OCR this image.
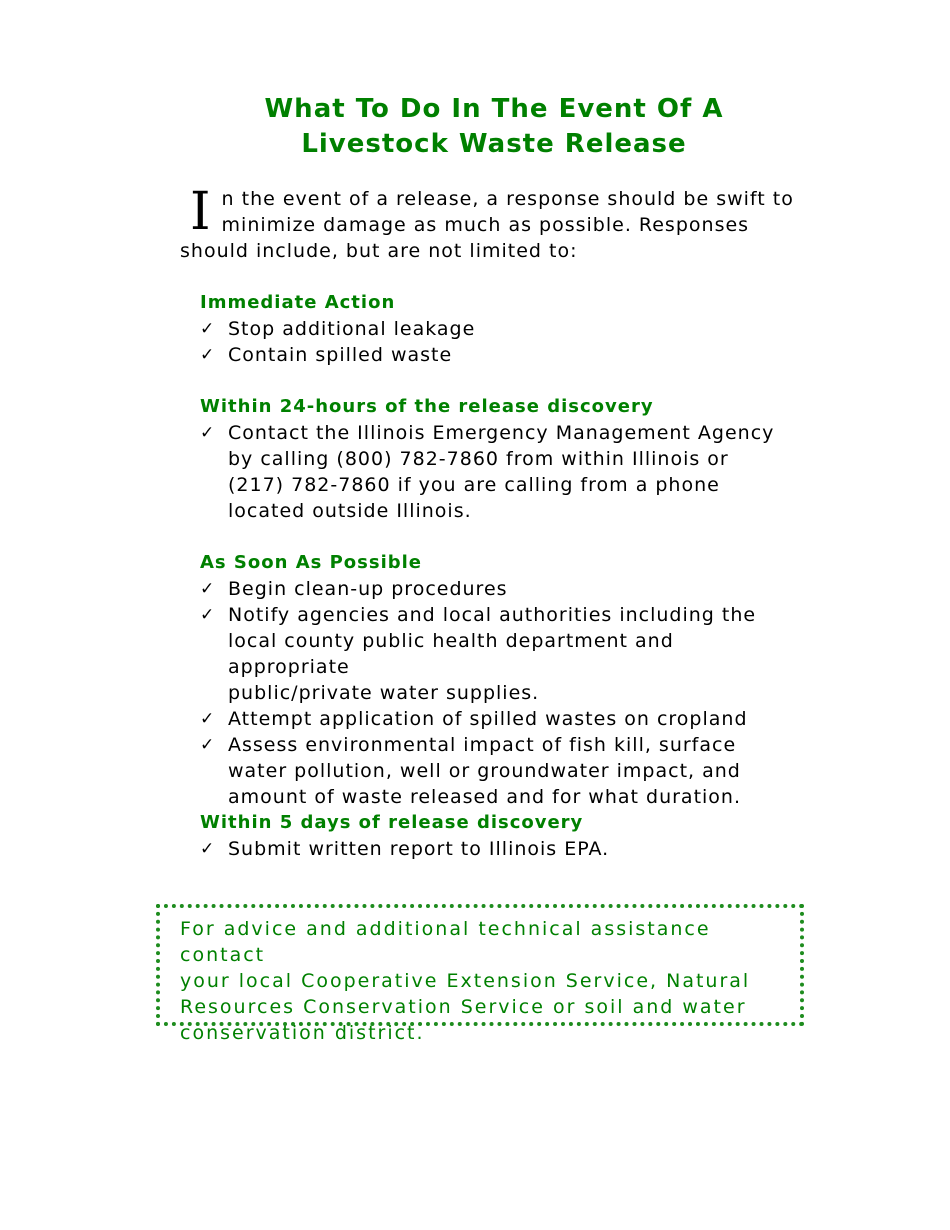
What To Do In The Event Of A
Livestock Waste Release
I n the event of a release, a response should be swift to
minimize damage as much as possible. Responses
should include, but are not limited to:
Immediate Action
✓ Stop additional leakage
✓ Contain spilled waste
Within 24-hours of the release discovery
✓ Contact the Illinois Emergency Management Agency
by calling (800) 782-7860 from within Illinois or
(217) 782-7860 if you are calling from a phone
located outside Illinois.
As Soon As Possible
✓ Begin clean-up procedures
✓ Notify agencies and local authorities including the
local county public health department and appropriate
public/private water supplies.
✓ Attempt application of spilled wastes on cropland
✓ Assess environmental impact of fish kill, surface
water pollution, well or groundwater impact, and
amount of waste released and for what duration.
Within 5 days of release discovery
✓ Submit written report to Illinois EPA.
For advice and additional technical assistance contact
your local Cooperative Extension Service, Natural
Resources Conservation Service or soil and water
conservation district.
